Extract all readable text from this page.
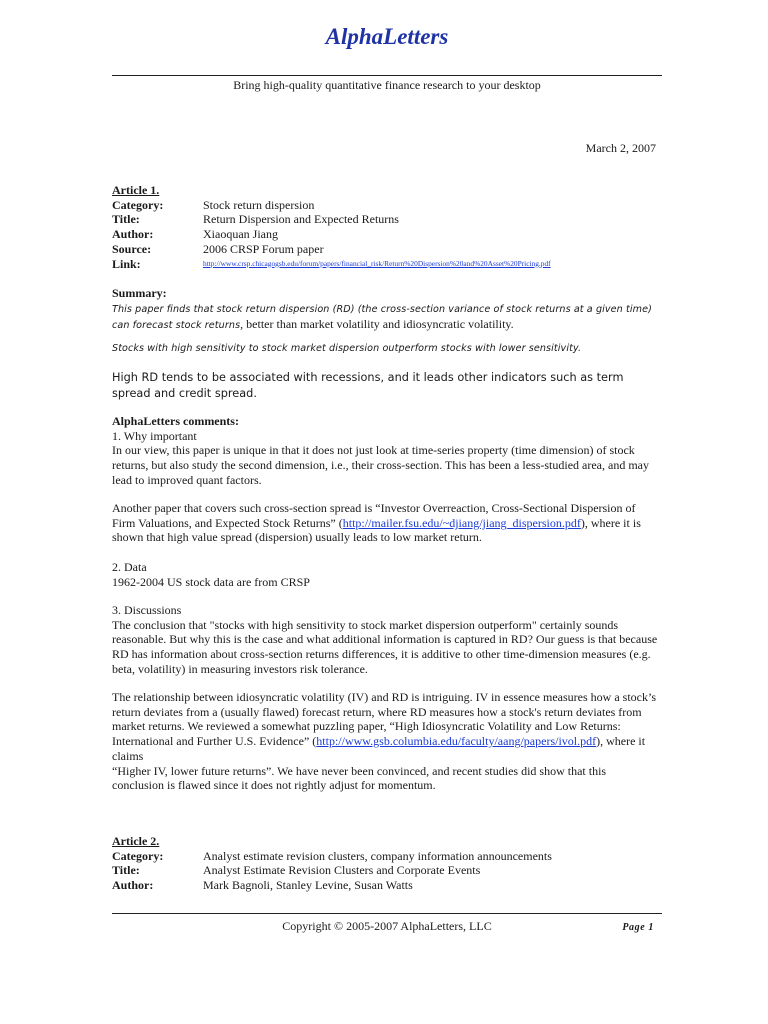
AlphaLetters
Bring high-quality quantitative finance research to your desktop
March 2, 2007
Article 1.
Category:	Stock return dispersion
Title:	Return Dispersion and Expected Returns
Author:	Xiaoquan Jiang
Source:	2006 CRSP Forum paper
Link:	http://www.crsp.chicagogsb.edu/forum/papers/financial_risk/Return%20Dispersion%20and%20Asset%20Pricing.pdf

Summary:

This paper finds that stock return dispersion (RD) (the cross-section variance of stock returns at a given time) can forecast stock returns, better than market volatility and idiosyncratic volatility.

Stocks with high sensitivity to stock market dispersion outperform stocks with lower sensitivity.

High RD tends to be associated with recessions, and it leads other indicators such as term spread and credit spread.

AlphaLetters comments:

1. Why important

In our view, this paper is unique in that it does not just look at time-series property (time dimension) of stock returns, but also study the second dimension, i.e., their cross-section. This has been a less-studied area, and may lead to improved quant factors.

Another paper that covers such cross-section spread is “Investor Overreaction, Cross-Sectional Dispersion of Firm Valuations, and Expected Stock Returns” (http://mailer.fsu.edu/~djiang/jiang_dispersion.pdf), where it is shown that high value spread (dispersion) usually leads to low market return.

2. Data

1962-2004 US stock data are from CRSP

3. Discussions

The conclusion that "stocks with high sensitivity to stock market dispersion outperform" certainly sounds reasonable. But why this is the case and what additional information is captured in RD? Our guess is that because RD has information about cross-section returns differences, it is additive to other time-dimension measures (e.g. beta, volatility) in measuring investors risk tolerance.

The relationship between idiosyncratic volatility (IV) and RD is intriguing. IV in essence measures how a stock’s return deviates from a (usually flawed) forecast return, where RD measures how a stock's return deviates from market returns. We reviewed a somewhat puzzling paper, “High Idiosyncratic Volatility and Low Returns: International and Further U.S. Evidence” (http://www.gsb.columbia.edu/faculty/aang/papers/ivol.pdf), where it claims

“Higher IV, lower future returns”. We have never been convinced, and recent studies did show that this conclusion is flawed since it does not rightly adjust for momentum.

Article 2.
Category:	Analyst estimate revision clusters, company information announcements
Title:	Analyst Estimate Revision Clusters and Corporate Events
Author:	Mark Bagnoli, Stanley Levine, Susan Watts
Copyright © 2005-2007 AlphaLetters, LLC	Page 1
